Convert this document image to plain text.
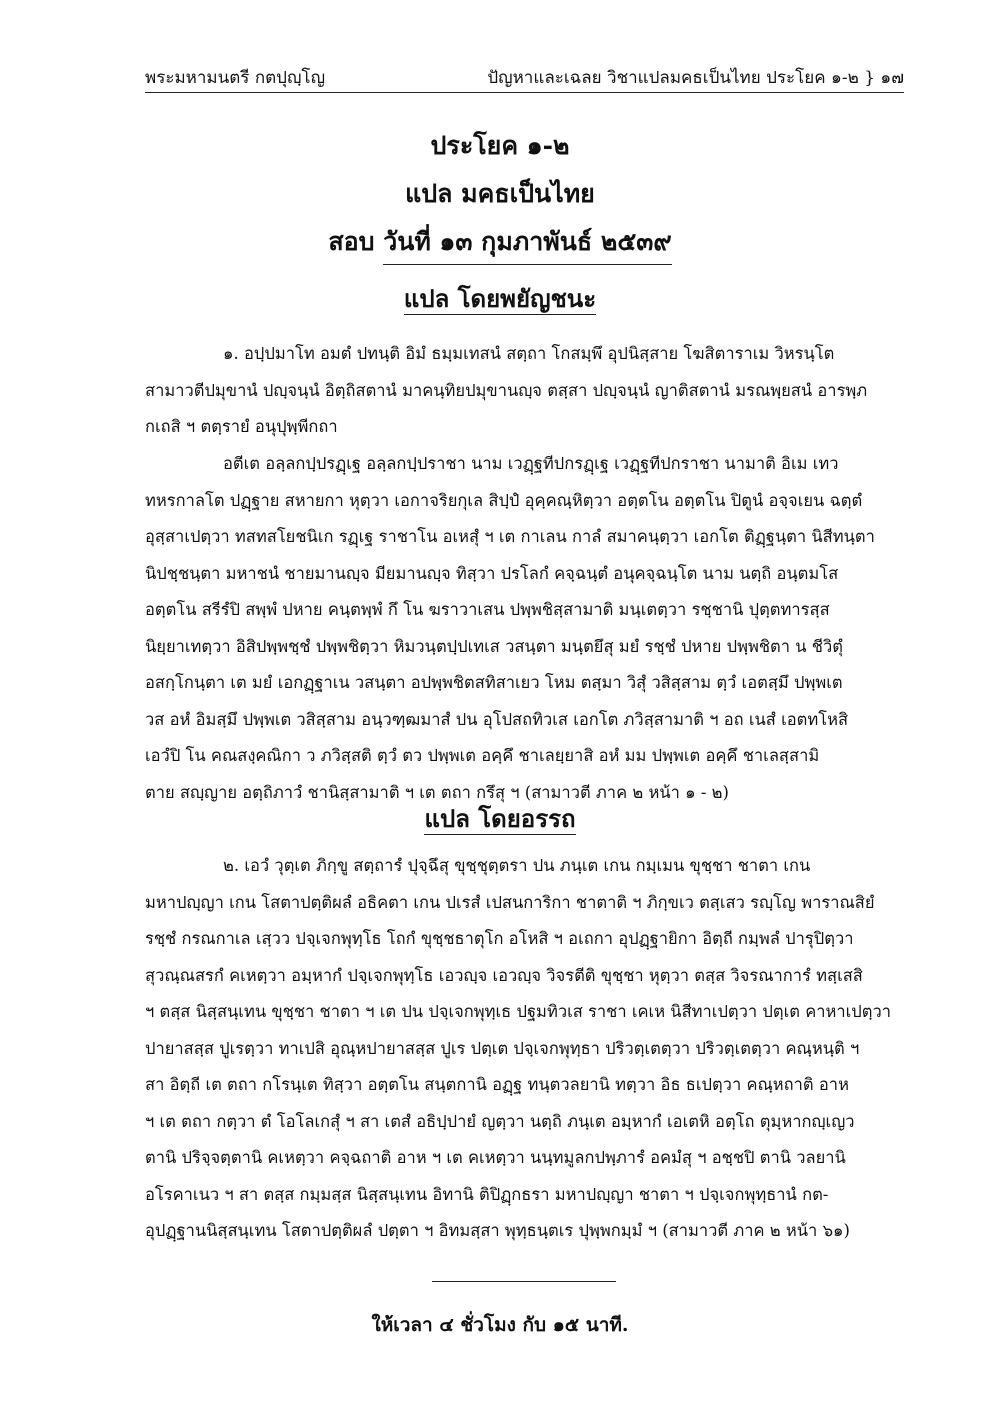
พระมหามนตรี กตปุญฺโญ	ปัญหาและเฉลย วิชาแปลมคธเป็นไทย ประโยค ๑-๒ } ๑๗
ประโยค ๑-๒
แปล มคธเป็นไทย
สอบ วันที่ ๑๓ กุมภาพันธ์ ๒๕๓๙
แปล โดยพยัญชนะ
๑. อปฺปมาโท อมตํ ปทนฺติ อิมํ ธมฺมเทสนํ สตฺถา โกสมฺพึ อุปนิสฺสาย โฆสิตาราเม วิหรนฺโต
สามาวตีปมุขานํ ปญฺจนฺนํ อิตฺถิสตานํ มาคนฺทิยปมุขานญฺจ ตสฺสา ปญฺจนฺนํ ญาติสตานํ มรณพฺยสนํ อารพฺภ
กเถสิ ฯ ตตฺรายํ อนุปุพฺพีกถา
อตีเต อลฺลกปฺปรฏฺเฐ อลฺลกปฺปราชา นาม เวฏฺฐทีปกรฏฺเฐ เวฏฺฐทีปกราชา นามาติ อิเม เทว
ทหรกาลโต ปฏฺฐาย สหายกา หุตฺวา เอกาจริยกุเล สิปฺปํ อุคฺคณฺหิตฺวา อตฺตโน อตฺตโน ปิตูนํ อจฺจเยน ฉตฺตํ
อุสฺสาเปตฺวา ทสทสโยชนิเก รฏฺเฐ ราชาโน อเหสุํ ฯ เต กาเลน กาลํ สมาคนฺตฺวา เอกโต ติฏฺฐนฺตา นิสีทนฺตา
นิปชฺชนฺตา มหาชนํ ชายมานญฺจ มียมานญฺจ ทิสฺวา ปรโลกํ คจฺฉนฺตํ อนุคจฺฉนฺโต นาม นตฺถิ อนฺตมโส
อตฺตโน สรีรํปิ สพฺพํ ปหาย คนฺตพฺพํ กึ โน ฆราวาเสน ปพฺพชิสฺสามาติ มนฺเตตฺวา รชฺชานิ ปุตฺตทารสฺส
นิยฺยาเทตฺวา อิสิปพฺพชฺชํ ปพฺพชิตฺวา หิมวนฺตปฺปเทเส วสนฺตา มนฺตยึสุ มยํ รชฺชํ ปหาย ปพฺพชิตา น ชีวิตุํ
อสกฺโกนฺตา เต มยํ เอกฏฺฐาเน วสนฺตา อปพฺพชิตสทิสาเยว โหม ตสฺมา วิสุํ วสิสฺสาม ตฺวํ เอตสฺมึ ปพฺพเต
วส อหํ อิมสฺมึ ปพฺพเต วสิสฺสาม อนฺวฑฺฒมาสํ ปน อุโปสถทิวเส เอกโต ภวิสฺสามาติ ฯ อถ เนสํ เอตทโหสิ
เอวํปิ โน คณสงฺคณิกา ว ภวิสฺสติ ตฺวํ ตว ปพฺพเต อคฺคึ ชาเลยฺยาสิ อหํ มม ปพฺพเต อคฺคึ ชาเลสฺสามิ
ตาย สญฺญาย อตฺถิภาวํ ชานิสฺสามาติ ฯ เต ตถา กรึสุ ฯ (สามาวตี ภาค ๒ หน้า ๑ - ๒)
แปล โดยอรรถ
๒. เอวํ วุตฺเต ภิกฺขู สตฺถารํ ปุจฺฉึสุ ขุชฺชุตฺตรา ปน ภนฺเต เกน กมฺเมน ขุชฺชา ชาตา เกน
มหาปญฺญา เกน โสตาปตฺติผลํ อธิคตา เกน ปเรสํ เปสนการิกา ชาตาติ ฯ ภิกฺขเว ตสฺเสว รญฺโญ พาราณสิยํ
รชฺชํ กรณกาเล เสฺวว ปจฺเจกพุทฺโธ โถกํ ขุชฺชธาตุโก อโหสิ ฯ อเถกา อุปฏฺฐายิกา อิตฺถี กมฺพลํ ปารุปิตฺวา
สุวณฺณสรกํ คเหตฺวา อมฺหากํ ปจฺเจกพุทฺโธ เอวญฺจ เอวญฺจ วิจรตีติ ขุชฺชา หุตฺวา ตสฺส วิจรณาการํ ทสฺเสสิ
ฯ ตสฺส นิสฺสนฺเทน ขุชฺชา ชาตา ฯ เต ปน ปจฺเจกพุทฺเธ ปฐมทิวเส ราชา เคเห นิสีทาเปตฺวา ปตฺเต คาหาเปตฺวา
ปายาสสฺส ปูเรตฺวา ทาเปสิ อุณฺหปายาสสฺส ปูเร ปตฺเต ปจฺเจกพุทฺธา ปริวตฺเตตฺวา ปริวตฺเตตฺวา คณฺหนฺติ ฯ
สา อิตฺถี เต ตถา กโรนฺเต ทิสฺวา อตฺตโน สนฺตกานิ อฏฺฐ ทนฺตวลยานิ ทตฺวา อิธ ธเปตฺวา คณฺหถาติ อาห
ฯ เต ตถา กตฺวา ตํ โอโลเกสุํ ฯ สา เตสํ อธิปฺปายํ ญตฺวา นตฺถิ ภนฺเต อมฺหากํ เอเตหิ อตฺโถ ตุมฺหากญฺเญว
ตานิ ปริจฺจตฺตานิ คเหตฺวา คจฺฉถาติ อาห ฯ เต คเหตฺวา นนฺทมูลกปพฺภารํ อคมํสุ ฯ อชฺชปิ ตานิ วลยานิ
อโรคาเนว ฯ สา ตสฺส กมฺมสฺส นิสฺสนฺเทน อิทานิ ติปิฏฺกธรา มหาปญฺญา ชาตา ฯ ปจฺเจกพุทฺธานํ กต-
อุปฏฺฐานนิสฺสนฺเทน โสตาปตฺติผลํ ปตฺตา ฯ อิทมสฺสา พุทฺธนฺตเร ปุพฺพกมฺมํ ฯ (สามาวตี ภาค ๒ หน้า ๖๑)
ให้เวลา ๔ ชั่วโมง กับ ๑๕ นาที.
